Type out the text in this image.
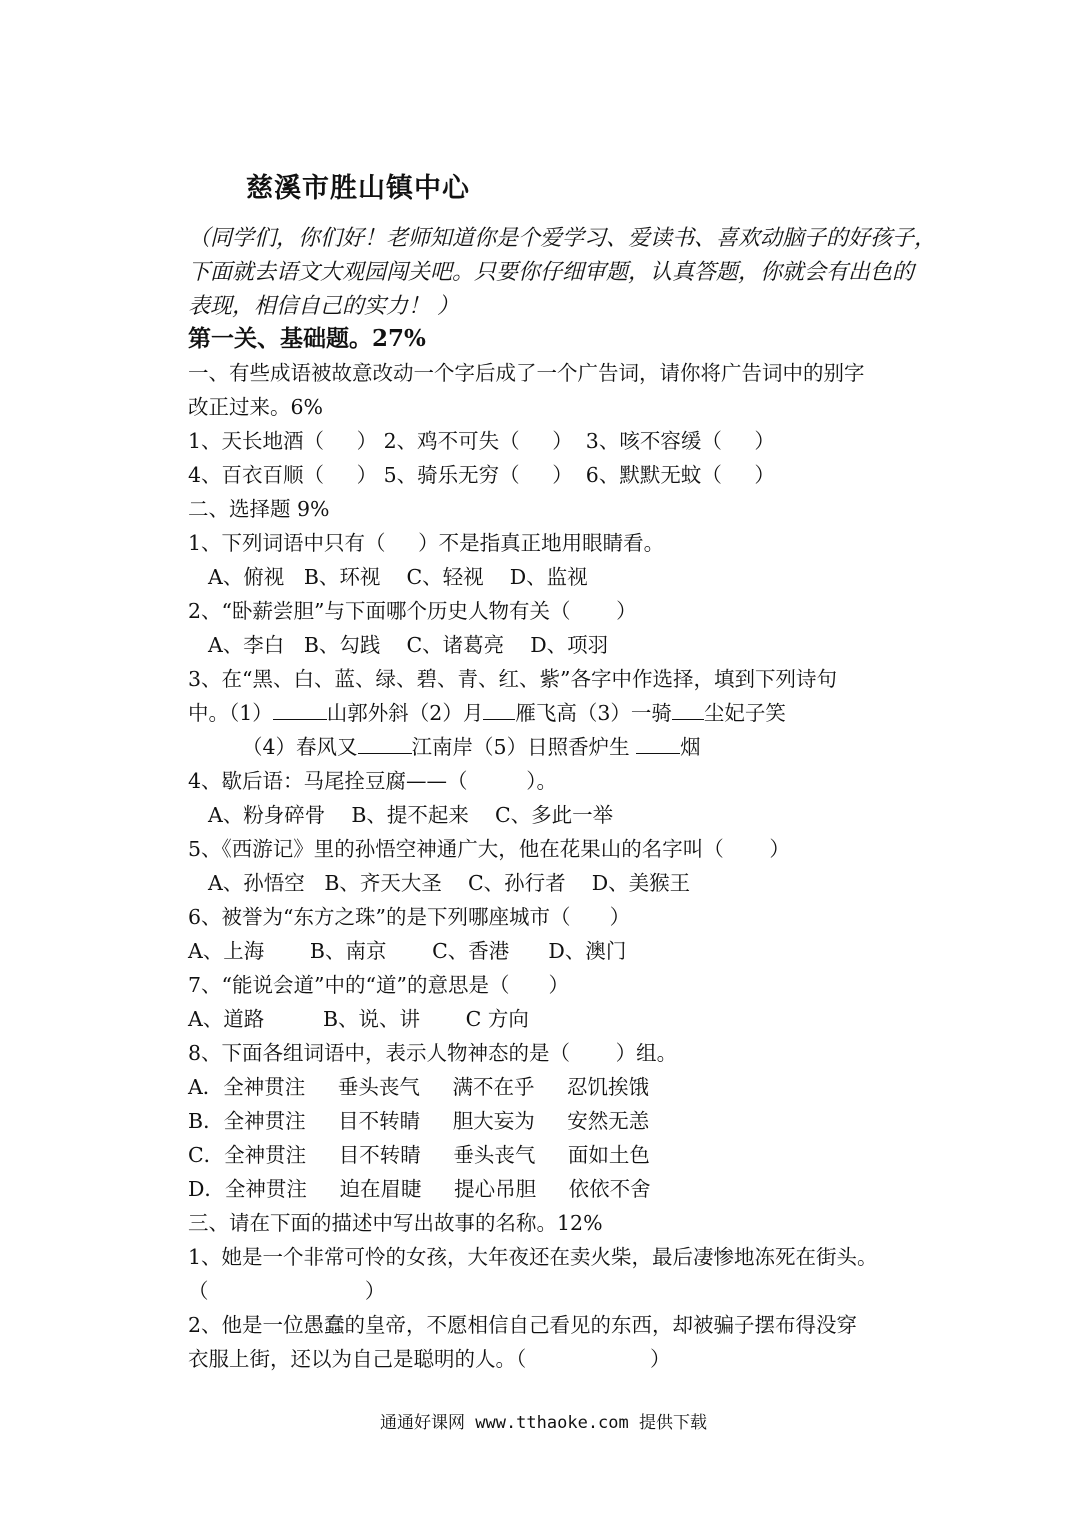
慈溪市胜山镇中心
（同学们，你们好！老师知道你是个爱学习、爱读书、喜欢动脑子的好孩子，
下面就去语文大观园闯关吧。只要你仔细审题，认真答题，你就会有出色的
表现，相信自己的实力！ ）
第一关、基础题。27%
一、有些成语被故意改动一个字后成了一个广告词，请你将广告词中的别字
改正过来。6%
1、天长地酒（     ） 2、鸡不可失（     ）  3、咳不容缓（     ）
4、百衣百顺（     ） 5、骑乐无穷（     ）  6、默默无蚊（     ）
二、选择题 9%
1、下列词语中只有（     ）不是指真正地用眼睛看。
A、俯视   B、环视    C、轻视    D、监视
2、“卧薪尝胆”与下面哪个历史人物有关（       ）
A、李白   B、勾践    C、诸葛亮    D、项羽
3、在“黑、白、蓝、绿、碧、青、红、紫”各字中作选择，填到下列诗句
中。（1）	山郭外斜（2）月 雁飞高（3）一骑 尘妃子笑
（4）春风又	江南岸（5）日照香炉生 烟
4、歇后语：马尾拴豆腐——（         ）。
A、粉身碎骨    B、提不起来    C、多此一举
5、《西游记》里的孙悟空神通广大，他在花果山的名字叫（       ）
A、孙悟空   B、齐天大圣    C、孙行者    D、美猴王
6、被誉为“东方之珠”的是下列哪座城市（      ）
A、上海       B、南京       C、香港      D、澳门
7、“能说会道”中的“道”的意思是（      ）
A、道路         B、说、讲       C 方向
8、下面各组词语中，表示人物神态的是（       ）组。
A．全神贯注     垂头丧气     满不在乎     忍饥挨饿
B．全神贯注     目不转睛     胆大妄为     安然无恙
C．全神贯注     目不转睛     垂头丧气     面如土色
D．全神贯注     迫在眉睫     提心吊胆     依依不舍
三、请在下面的描述中写出故事的名称。12%
1、她是一个非常可怜的女孩，大年夜还在卖火柴，最后凄惨地冻死在街头。
（                        ）
2、他是一位愚蠢的皇帝，不愿相信自己看见的东西，却被骗子摆布得没穿
衣服上街，还以为自己是聪明的人。（                   ）
通通好课网 www.tthaoke.com 提供下载
